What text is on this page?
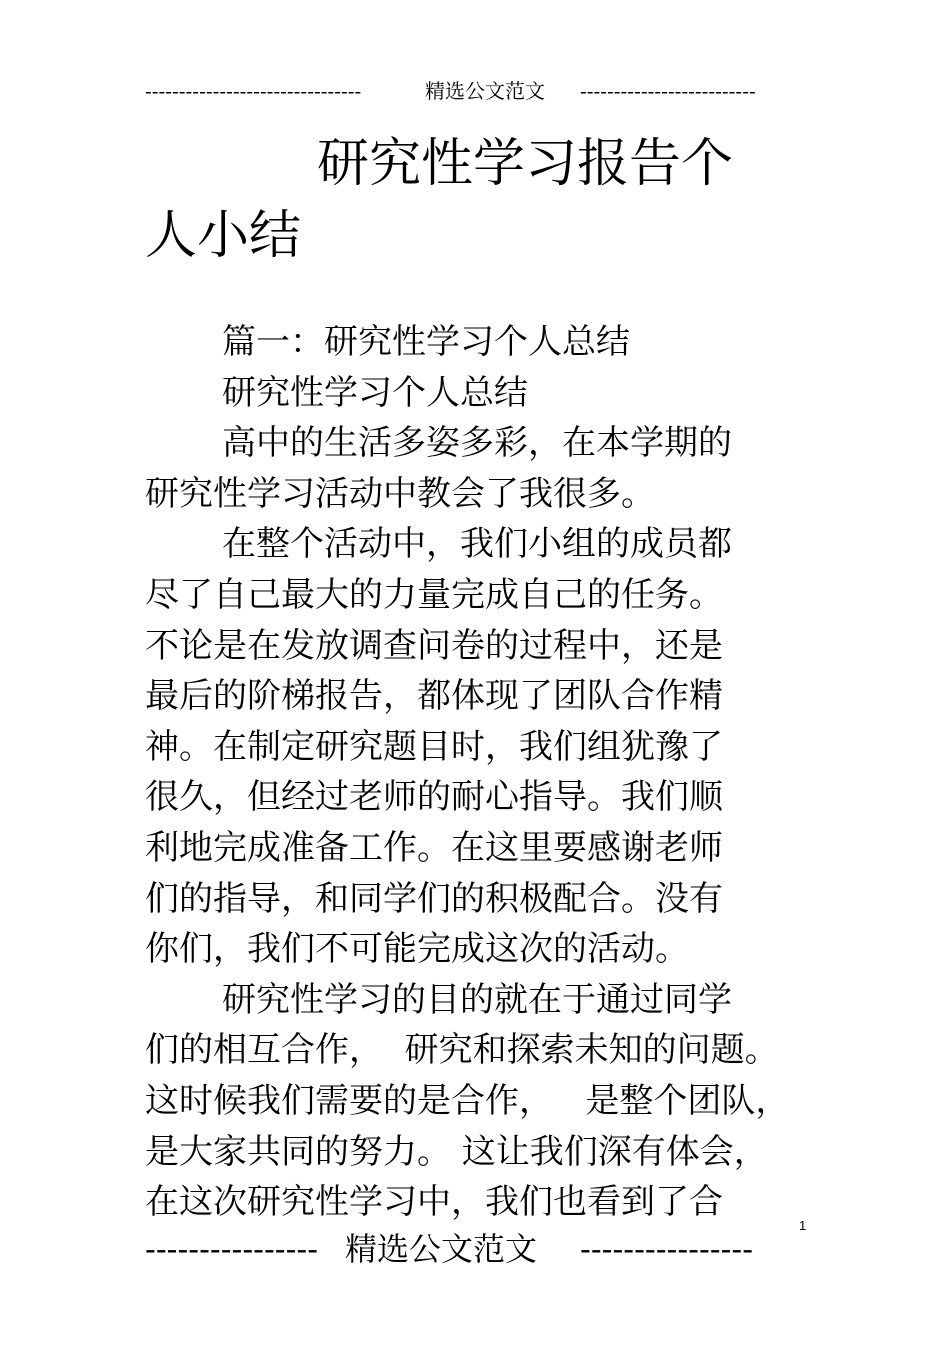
--------------------------------	精选公文范文 --------------------------
研究性学习报告个
人小结
篇一：研究性学习个人总结
研究性学习个人总结
高中的生活多姿多彩，在本学期的
研究性学习活动中教会了我很多。
在整个活动中，我们小组的成员都
尽了自己最大的力量完成自己的任务。
不论是在发放调查问卷的过程中，还是
最后的阶梯报告，都体现了团队合作精
神。在制定研究题目时，我们组犹豫了
很久，但经过老师的耐心指导。我们顺
利地完成准备工作。在这里要感谢老师
们的指导，和同学们的积极配合。没有
你们，我们不可能完成这次的活动。
研究性学习的目的就在于通过同学
们的相互合作，  研究和探索未知的问题。
这时候我们需要的是合作，   是整个团队，
是大家共同的努力。 这让我们深有体会，
在这次研究性学习中，我们也看到了合
1
---------------- 精选公文范文 ----------------
